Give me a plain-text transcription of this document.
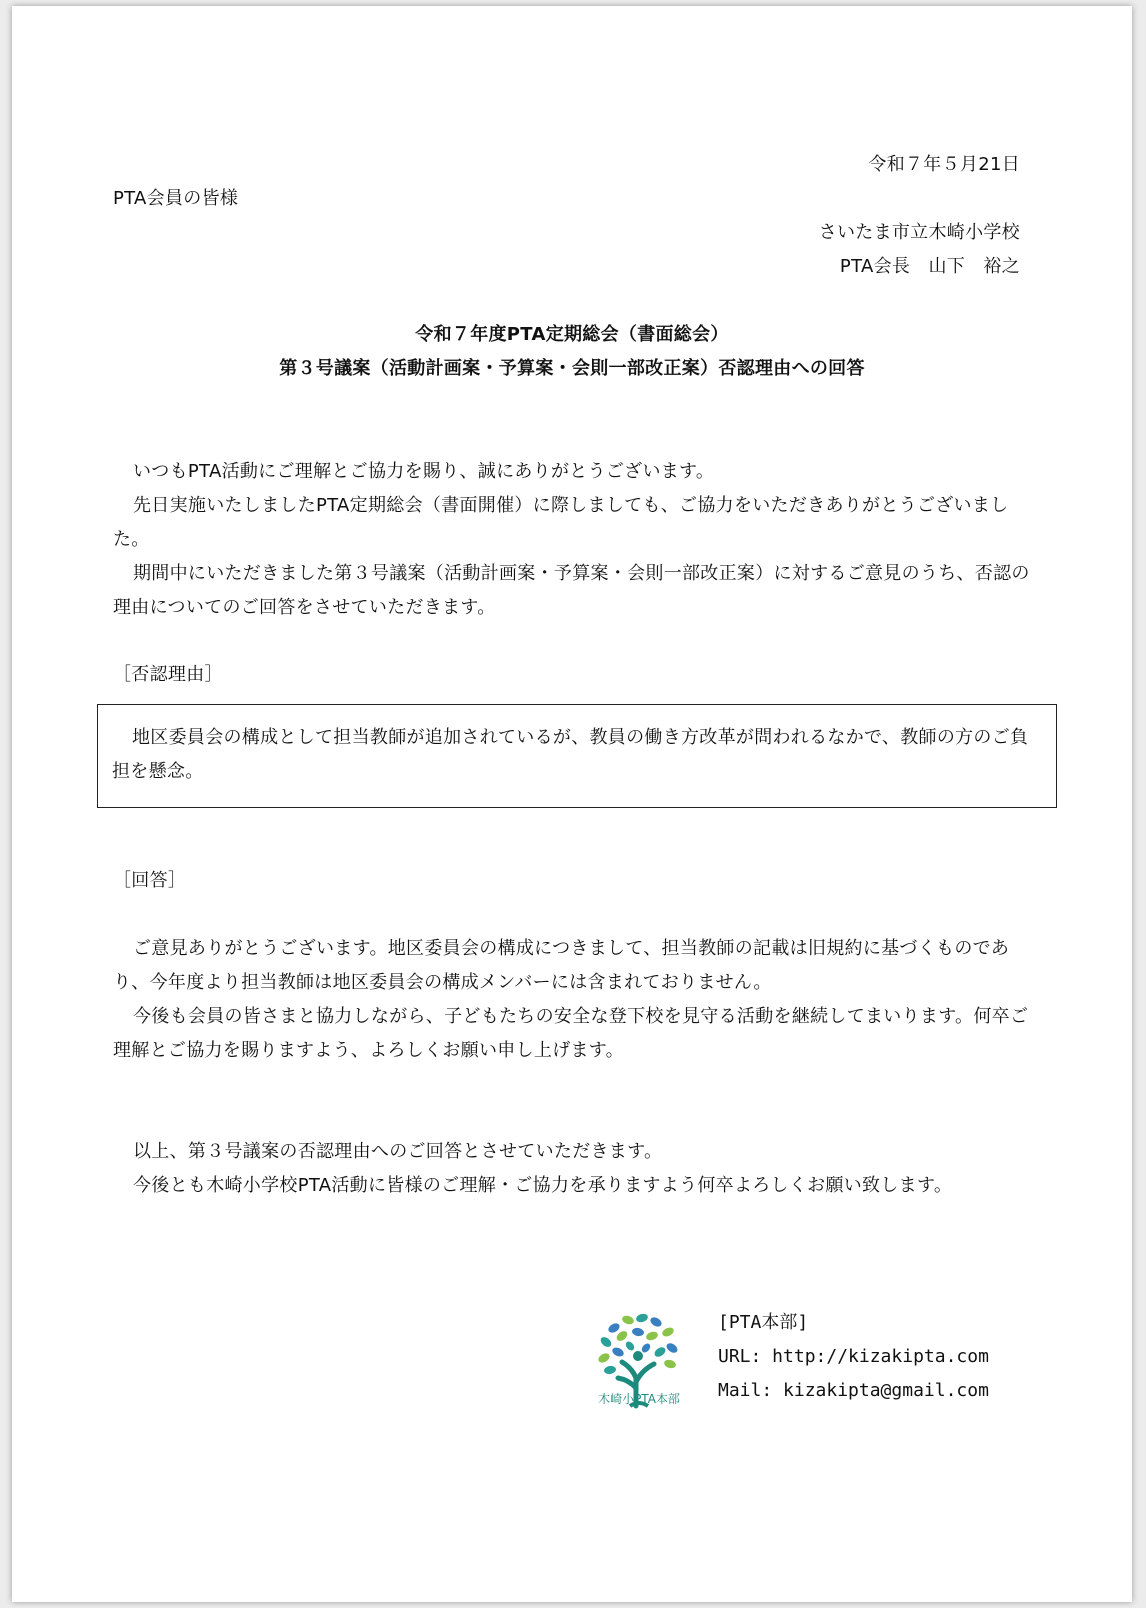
令和７年５月21日
PTA会員の皆様
さいたま市立木崎小学校
PTA会長　山下　裕之
令和７年度PTA定期総会（書面総会）
第３号議案（活動計画案・予算案・会則一部改正案）否認理由への回答
いつもPTA活動にご理解とご協力を賜り、誠にありがとうございます。
先日実施いたしましたPTA定期総会（書面開催）に際しましても、ご協力をいただきありがとうございました。
期間中にいただきました第３号議案（活動計画案・予算案・会則一部改正案）に対するご意見のうち、否認の理由についてのご回答をさせていただきます。
［否認理由］

地区委員会の構成として担当教師が追加されているが、教員の働き方改革が問われるなかで、教師の方のご負担を懸念。

［回答］
ご意見ありがとうございます。地区委員会の構成につきまして、担当教師の記載は旧規約に基づくものであり、今年度より担当教師は地区委員会の構成メンバーには含まれておりません。
今後も会員の皆さまと協力しながら、子どもたちの安全な登下校を見守る活動を継続してまいります。何卒ご理解とご協力を賜りますよう、よろしくお願い申し上げます。
以上、第３号議案の否認理由へのご回答とさせていただきます。
今後とも木崎小学校PTA活動に皆様のご理解・ご協力を承りますよう何卒よろしくお願い致します。
木崎小PTA本部
[PTA本部]
URL: http://kizakipta.com
Mail: kizakipta@gmail.com
